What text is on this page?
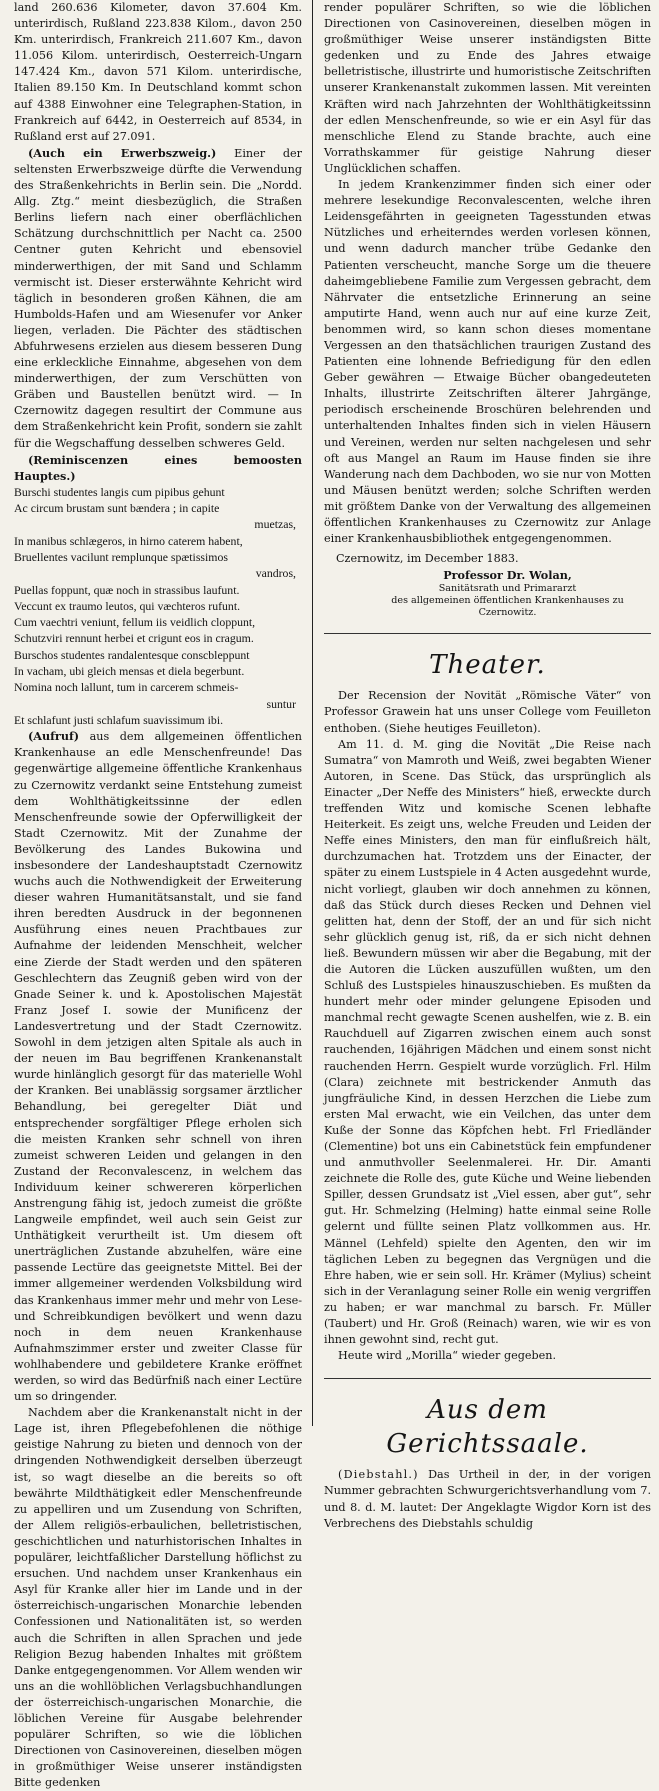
land 260.636 Kilometer, davon 37.604 Km. unterirdisch, Rußland 223.838 Kilom., davon 250 Km. unterirdisch, Frankreich 211.607 Km., davon 11.056 Kilom. unterirdisch, Oesterreich-Ungarn 147.424 Km., davon 571 Kilom. unterirdische, Italien 89.150 Km. In Deutschland kommt schon auf 4388 Einwohner eine Telegraphen-Station, in Frankreich auf 6442, in Oesterreich auf 8534, in Rußland erst auf 27.091.

(Auch ein Erwerbszweig.) Einer der seltensten Erwerbszweige dürfte die Verwendung des Straßenkehrichts in Berlin sein. Die „Nordd. Allg. Ztg.“ meint diesbezüglich, die Straßen Berlins liefern nach einer oberflächlichen Schätzung durchschnittlich per Nacht ca. 2500 Centner guten Kehricht und ebensoviel minderwerthigen, der mit Sand und Schlamm vermischt ist. Dieser ersterwähnte Kehricht wird täglich in besonderen großen Kähnen, die am Humbolds-Hafen und am Wiesenufer vor Anker liegen, verladen. Die Pächter des städtischen Abfuhrwesens erzielen aus diesem besseren Dung eine erkleckliche Einnahme, abgesehen von dem minderwerthigen, der zum Verschütten von Gräben und Baustellen benützt wird. — In Czernowitz dagegen resultirt der Commune aus dem Straßenkehricht kein Profit, sondern sie zahlt für die Wegschaffung desselben schweres Geld.

(Reminiscenzen eines bemoosten Hauptes.)

Burschi studentes langis cum pipibus gehunt
Ac circum brustam sunt bændera ; in capite
muetzas,
In manibus schlægeros, in hirno caterem habent,
Bruellentes vacilunt remplunque spætissimos
vandros,
Puellas foppunt, quæ noch in strassibus laufunt.
Veccunt ex traumo leutos, qui væchteros rufunt.
Cum vaechtri veniunt, fellum iis veidlich cloppunt,
Schutzviri rennunt herbei et crigunt eos in cragum.
Burschos studentes randalentesque conscbleppunt
In vacham, ubi gleich mensas et diela begerbunt.
Nomina noch lallunt, tum in carcerem schmeis-
suntur
Et schlafunt justi schlafum suavissimum ibi.

(Aufruf) aus dem allgemeinen öffentlichen Krankenhause an edle Menschenfreunde! Das gegenwärtige allgemeine öffentliche Krankenhaus zu Czernowitz verdankt seine Entstehung zumeist dem Wohlthätigkeitssinne der edlen Menschenfreunde sowie der Opferwilligkeit der Stadt Czernowitz. Mit der Zunahme der Bevölkerung des Landes Bukowina und insbesondere der Landeshauptstadt Czernowitz wuchs auch die Nothwendigkeit der Erweiterung dieser wahren Humanitätsanstalt, und sie fand ihren beredten Ausdruck in der begonnenen Ausführung eines neuen Prachtbaues zur Aufnahme der leidenden Menschheit, welcher eine Zierde der Stadt werden und den späteren Geschlechtern das Zeugniß geben wird von der Gnade Seiner k. und k. Apostolischen Majestät Franz Josef I. sowie der Munificenz der Landesvertretung und der Stadt Czernowitz. Sowohl in dem jetzigen alten Spitale als auch in der neuen im Bau begriffenen Krankenanstalt wurde hinlänglich gesorgt für das materielle Wohl der Kranken. Bei unablässig sorgsamer ärztlicher Behandlung, bei geregelter Diät und entsprechender sorgfältiger Pflege erholen sich die meisten Kranken sehr schnell von ihren zumeist schweren Leiden und gelangen in den Zustand der Reconvalescenz, in welchem das Individuum keiner schwereren körperlichen Anstrengung fähig ist, jedoch zumeist die größte Langweile empfindet, weil auch sein Geist zur Unthätigkeit verurtheilt ist. Um diesem oft unerträglichen Zustande abzuhelfen, wäre eine passende Lectüre das geeignetste Mittel. Bei der immer allgemeiner werdenden Volksbildung wird das Krankenhaus immer mehr und mehr von Lese- und Schreibkundigen bevölkert und wenn dazu noch in dem neuen Krankenhause Aufnahmszimmer erster und zweiter Classe für wohlhabendere und gebildetere Kranke eröffnet werden, so wird das Bedürfniß nach einer Lectüre um so dringender.

Nachdem aber die Krankenanstalt nicht in der Lage ist, ihren Pflegebefohlenen die nöthige geistige Nahrung zu bieten und dennoch von der dringenden Nothwendigkeit derselben überzeugt ist, so wagt dieselbe an die bereits so oft bewährte Mildthätigkeit edler Menschenfreunde zu appelliren und um Zusendung von Schriften, der Allem religiös-erbaulichen, belletristischen, geschichtlichen und naturhistorischen Inhaltes in populärer, leichtfaßlicher Darstellung höflichst zu ersuchen. Und nachdem unser Krankenhaus ein Asyl für Kranke aller hier im Lande und in der österreichisch-ungarischen Monarchie lebenden Confessionen und Nationalitäten ist, so werden auch die Schriften in allen Sprachen und jede Religion Bezug habenden Inhaltes mit größtem Danke entgegengenommen. Vor Allem wenden wir uns an die wohllöblichen Verlagsbuchhandlungen der österreichisch-ungarischen Monarchie, die löblichen Vereine für Ausgabe belehrender populärer Schriften, so wie die löblichen Directionen von Casinovereinen, dieselben mögen in großmüthiger Weise unserer inständigsten Bitte gedenken

render populärer Schriften, so wie die löblichen Directionen von Casinovereinen, dieselben mögen in großmüthiger Weise unserer inständigsten Bitte gedenken und zu Ende des Jahres etwaige belletristische, illustrirte und humoristische Zeitschriften unserer Krankenanstalt zukommen lassen. Mit vereinten Kräften wird nach Jahrzehnten der Wohlthätigkeitssinn der edlen Menschenfreunde, so wie er ein Asyl für das menschliche Elend zu Stande brachte, auch eine Vorrathskammer für geistige Nahrung dieser Unglücklichen schaffen.

In jedem Krankenzimmer finden sich einer oder mehrere lesekundige Reconvalescenten, welche ihren Leidensgefährten in geeigneten Tagesstunden etwas Nützliches und erheiterndes werden vorlesen können, und wenn dadurch mancher trübe Gedanke den Patienten verscheucht, manche Sorge um die theuere daheimgebliebene Familie zum Vergessen gebracht, dem Nährvater die entsetzliche Erinnerung an seine amputirte Hand, wenn auch nur auf eine kurze Zeit, benommen wird, so kann schon dieses momentane Vergessen an den thatsächlichen traurigen Zustand des Patienten eine lohnende Befriedigung für den edlen Geber gewähren — Etwaige Bücher obangedeuteten Inhalts, illustrirte Zeitschriften älterer Jahrgänge, periodisch erscheinende Broschüren belehrenden und unterhaltenden Inhaltes finden sich in vielen Häusern und Vereinen, werden nur selten nachgelesen und sehr oft aus Mangel an Raum im Hause finden sie ihre Wanderung nach dem Dachboden, wo sie nur von Motten und Mäusen benützt werden; solche Schriften werden mit größtem Danke von der Verwaltung des allgemeinen öffentlichen Krankenhauses zu Czernowitz zur Anlage einer Krankenhausbibliothek entgegengenommen.

Czernowitz, im December 1883.

Professor Dr. Wolan,

Sanitätsrath und Primararzt

des allgemeinen öffentlichen Krankenhauses zu Czernowitz.

Theater.

Der Recension der Novität „Römische Väter“ von Professor Grawein hat uns unser College vom Feuilleton enthoben. (Siehe heutiges Feuilleton).

Am 11. d. M. ging die Novität „Die Reise nach Sumatra“ von Mamroth und Weiß, zwei begabten Wiener Autoren, in Scene. Das Stück, das ursprünglich als Einacter „Der Neffe des Ministers“ hieß, erweckte durch treffenden Witz und komische Scenen lebhafte Heiterkeit. Es zeigt uns, welche Freuden und Leiden der Neffe eines Ministers, den man für einflußreich hält, durchzumachen hat. Trotzdem uns der Einacter, der später zu einem Lustspiele in 4 Acten ausgedehnt wurde, nicht vorliegt, glauben wir doch annehmen zu können, daß das Stück durch dieses Recken und Dehnen viel gelitten hat, denn der Stoff, der an und für sich nicht sehr glücklich genug ist, riß, da er sich nicht dehnen ließ. Bewundern müssen wir aber die Begabung, mit der die Autoren die Lücken auszufüllen wußten, um den Schluß des Lustspieles hinauszuschieben. Es mußten da hundert mehr oder minder gelungene Episoden und manchmal recht gewagte Scenen aushelfen, wie z. B. ein Rauchduell auf Zigarren zwischen einem auch sonst rauchenden, 16jährigen Mädchen und einem sonst nicht rauchenden Herrn. Gespielt wurde vorzüglich. Frl. Hilm (Clara) zeichnete mit bestrickender Anmuth das jungfräuliche Kind, in dessen Herzchen die Liebe zum ersten Mal erwacht, wie ein Veilchen, das unter dem Kuße der Sonne das Köpfchen hebt. Frl Friedländer (Clementine) bot uns ein Cabinetstück fein empfundener und anmuthvoller Seelenmalerei. Hr. Dir. Amanti zeichnete die Rolle des, gute Küche und Weine liebenden Spiller, dessen Grundsatz ist „Viel essen, aber gut“, sehr gut. Hr. Schmelzing (Helming) hatte einmal seine Rolle gelernt und füllte seinen Platz vollkommen aus. Hr. Männel (Lehfeld) spielte den Agenten, den wir im täglichen Leben zu begegnen das Vergnügen und die Ehre haben, wie er sein soll. Hr. Krämer (Mylius) scheint sich in der Veranlagung seiner Rolle ein wenig vergriffen zu haben; er war manchmal zu barsch. Fr. Müller (Taubert) und Hr. Groß (Reinach) waren, wie wir es von ihnen gewohnt sind, recht gut.

Heute wird „Morilla“ wieder gegeben.

Aus dem Gerichtssaale.

(Diebstahl.) Das Urtheil in der, in der vorigen Nummer gebrachten Schwurgerichtsverhandlung vom 7. und 8. d. M. lautet: Der Angeklagte Wigdor Korn ist des Verbrechens des Diebstahls schuldig
